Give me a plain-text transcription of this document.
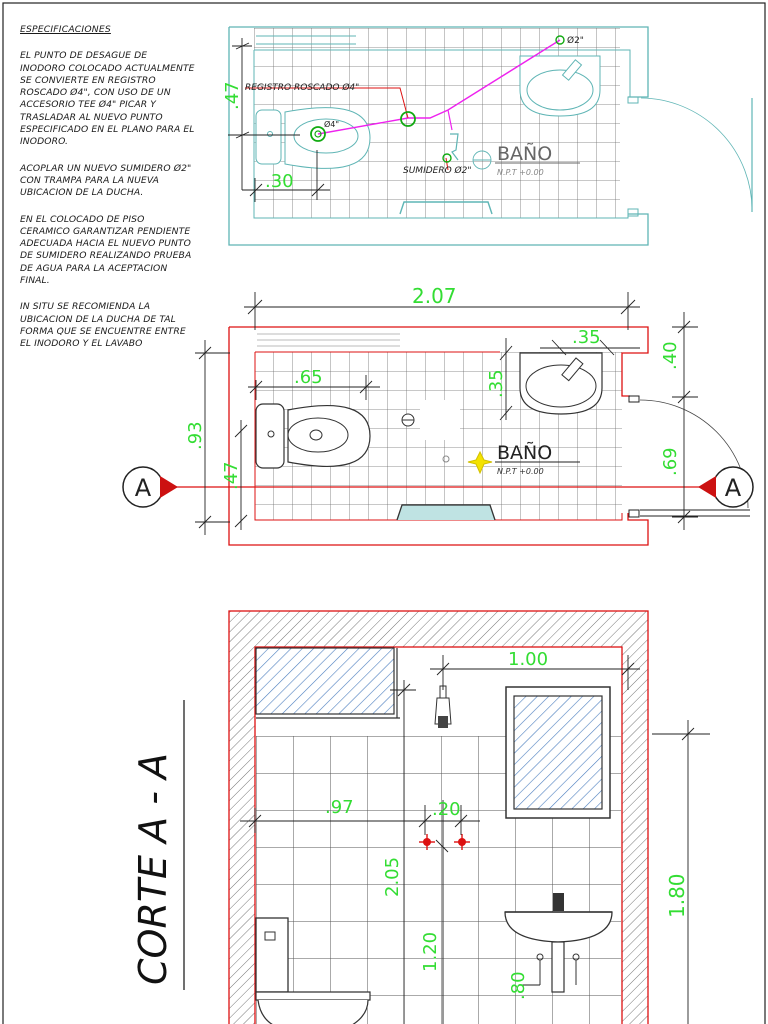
ESPECIFICACIONES
EL PUNTO DE DESAGUE DE INODORO COLOCADO ACTUALMENTE SE CONVIERTE EN REGISTRO ROSCADO Ø4", CON USO DE UN ACCESORIO TEE Ø4" PICAR Y TRASLADAR AL NUEVO PUNTO ESPECIFICADO EN EL PLANO PARA EL INODORO.
ACOPLAR UN NUEVO SUMIDERO Ø2" CON TRAMPA PARA LA NUEVA UBICACION DE LA DUCHA.
EN EL COLOCADO DE PISO CERAMICO GARANTIZAR PENDIENTE ADECUADA HACIA EL NUEVO PUNTO DE SUMIDERO REALIZANDO PRUEBA DE AGUA PARA LA ACEPTACION FINAL.
IN SITU SE RECOMIENDA LA UBICACION DE LA DUCHA DE TAL FORMA QUE SE ENCUENTRE ENTRE EL INODORO Y EL LAVABO
Ø2"
REGISTRO ROSCADO Ø4"
Ø4"
SUMIDERO Ø2"
BAÑO
N.P.T +0.00
.47
.30
BAÑO
N.P.T +0.00
A	A
2.07
.35
.35
.65
.93
.47
.40
.69
1.00
.97	.20
2.05
1.20
1.80
.80
CORTE A - A
